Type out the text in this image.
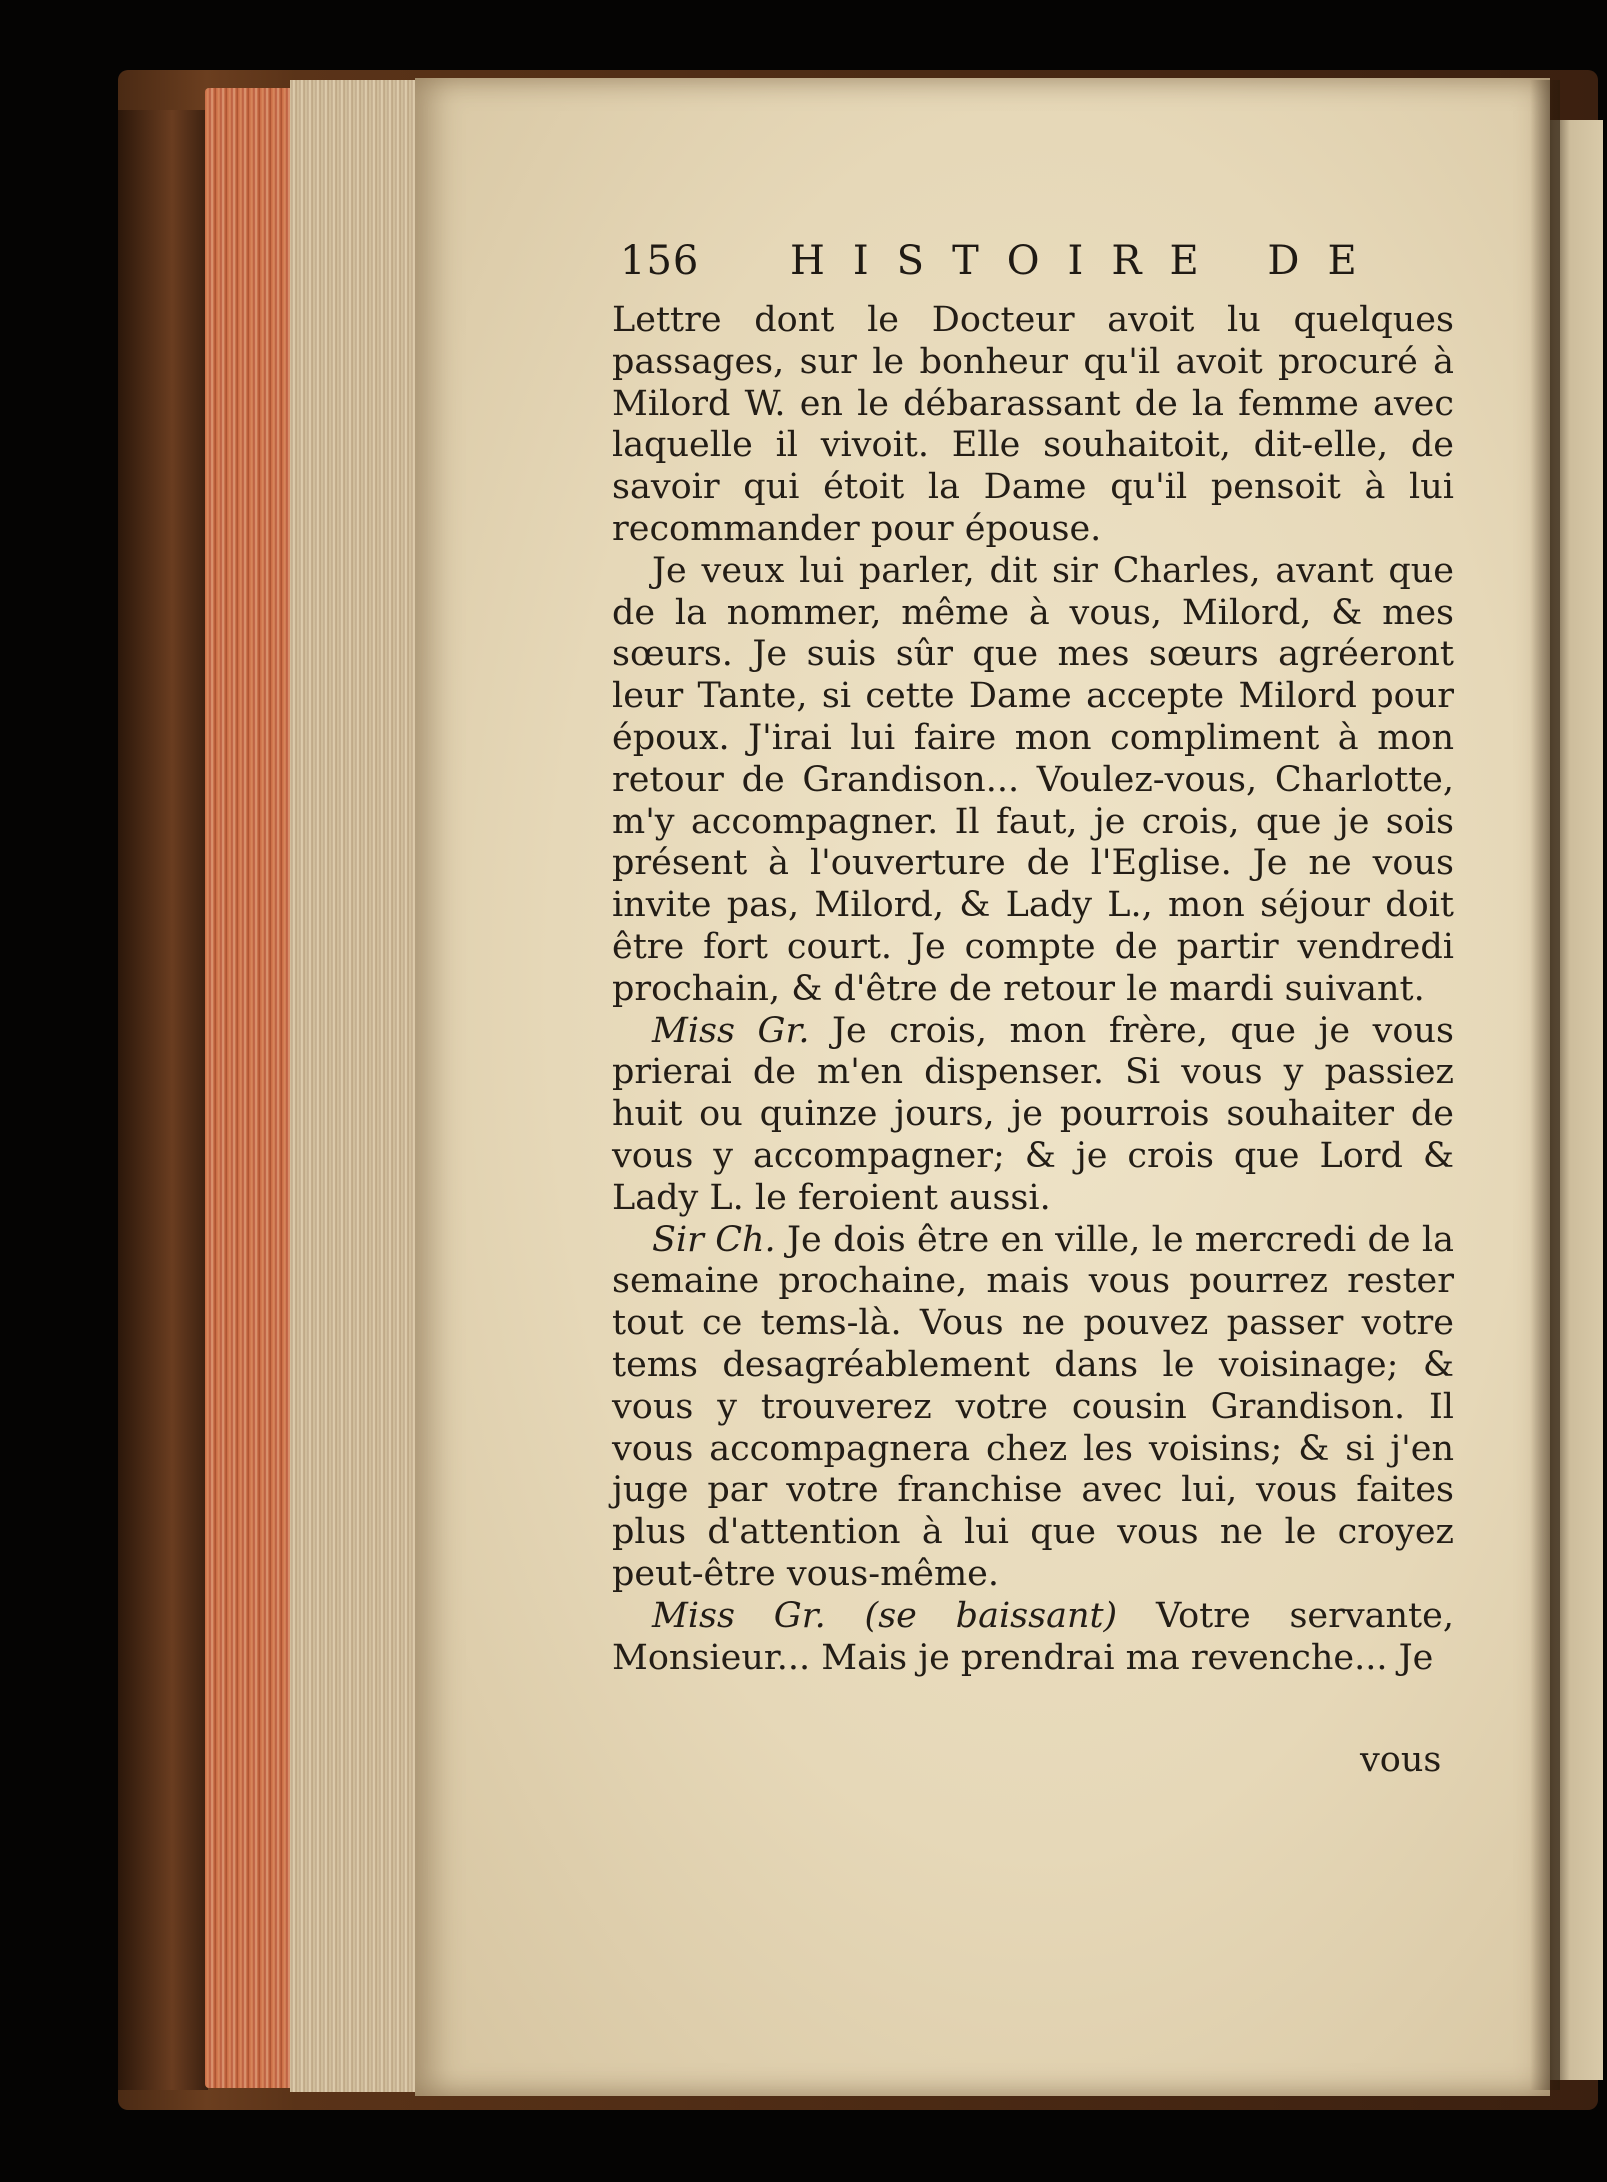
156 HISTOIRE DE

Lettre dont le Docteur avoit lu quelques passages, sur le bonheur qu'il avoit procuré à Milord W. en le débarassant de la femme avec laquelle il vivoit. Elle souhaitoit, dit-elle, de savoir qui étoit la Dame qu'il pensoit à lui recommander pour épouse.

Je veux lui parler, dit sir Charles, avant que de la nommer, même à vous, Milord, & mes sœurs. Je suis sûr que mes sœurs agréeront leur Tante, si cette Dame accepte Milord pour époux. J'irai lui faire mon compliment à mon retour de Grandison... Voulez-vous, Charlotte, m'y accompagner. Il faut, je crois, que je sois présent à l'ouverture de l'Eglise. Je ne vous invite pas, Milord, & Lady L., mon séjour doit être fort court. Je compte de partir vendredi prochain, & d'être de retour le mardi suivant.

Miss Gr. Je crois, mon frère, que je vous prierai de m'en dispenser. Si vous y passiez huit ou quinze jours, je pourrois souhaiter de vous y accompagner; & je crois que Lord & Lady L. le feroient aussi.

Sir Ch. Je dois être en ville, le mercredi de la semaine prochaine, mais vous pourrez rester tout ce tems-là. Vous ne pouvez passer votre tems desagréablement dans le voisinage; & vous y trouverez votre cousin Grandison. Il vous accompagnera chez les voisins; & si j'en juge par votre franchise avec lui, vous faites plus d'attention à lui que vous ne le croyez peut-être vous-même.

Miss Gr. (se baissant) Votre servante, Monsieur... Mais je prendrai ma revenche... Je

vous
